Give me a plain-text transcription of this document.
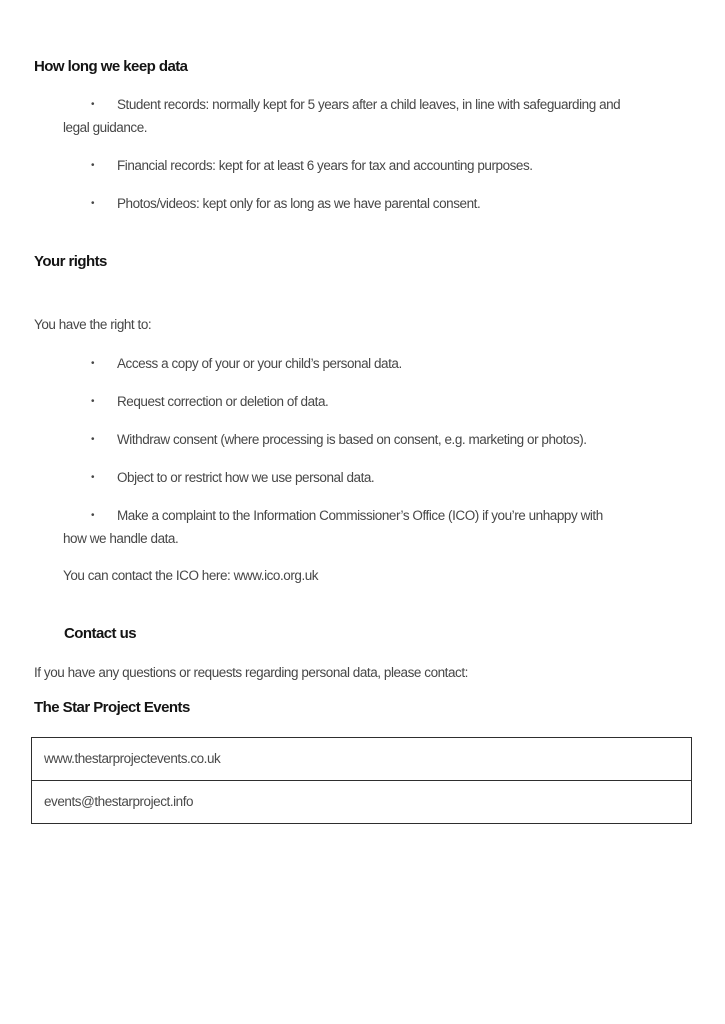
How long we keep data
• Student records: normally kept for 5 years after a child leaves, in line with safeguarding and
legal guidance.
• Financial records: kept for at least 6 years for tax and accounting purposes.
• Photos/videos: kept only for as long as we have parental consent.
Your rights

You have the right to:

• Access a copy of your or your child’s personal data.
• Request correction or deletion of data.
• Withdraw consent (where processing is based on consent, e.g. marketing or photos).
• Object to or restrict how we use personal data.
• Make a complaint to the Information Commissioner’s Office (ICO) if you’re unhappy with
how we handle data.

You can contact the ICO here: www.ico.org.uk

Contact us

If you have any questions or requests regarding personal data, please contact:

The Star Project Events
www.thestarprojectevents.co.uk
events@thestarproject.info
